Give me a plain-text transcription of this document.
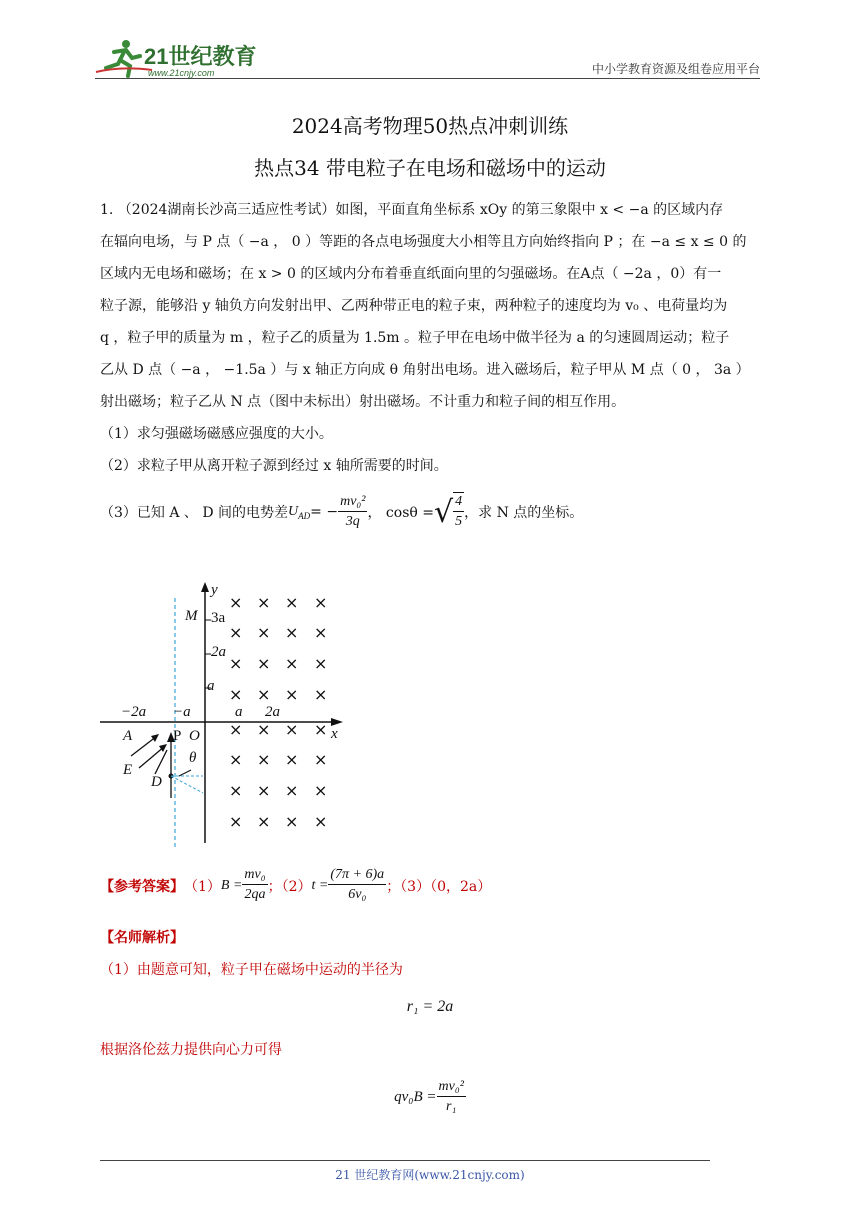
21世纪教育
www.21cnjy.com	中小学教育资源及组卷应用平台
2024高考物理50热点冲刺训练
热点34 带电粒子在电场和磁场中的运动
1. （2024湖南长沙高三适应性考试）如图，平面直角坐标系 xOy 的第三象限中 x < −a 的区域内存
在辐向电场，与 P 点（ −a ， 0 ）等距的各点电场强度大小相等且方向始终指向 P ；在 −a ≤ x ≤ 0 的
区域内无电场和磁场；在 x > 0 的区域内分布着垂直纸面向里的匀强磁场。在A点（ −2a ，0）有一
粒子源，能够沿 y 轴负方向发射出甲、乙两种带正电的粒子束，两种粒子的速度均为 v₀ 、电荷量均为
q ，粒子甲的质量为 m ，粒子乙的质量为 1.5m 。粒子甲在电场中做半径为 a 的匀速圆周运动；粒子
乙从 D 点（ −a ， −1.5a ）与 x 轴正方向成 θ 角射出电场。进入磁场后，粒子甲从 M 点（ 0 ， 3a ）
射出磁场；粒子乙从 N 点（图中未标出）射出磁场。不计重力和粒子间的相互作用。
（1）求匀强磁场磁感应强度的大小。
（2）求粒子甲从离开粒子源到经过 x 轴所需要的时间。
（3）已知 A 、 D 间的电势差 $U_{AD}$ = − $\frac{\text{mv₀²}}{3q}$ ， cosθ = √ $\frac{4}{5}$ ，求 N 点的坐标。
y
x
M 3a
2a
a
−2a −a	a 2a
A	P O
E
D
θ
× × × ×
× × × ×
× × × ×
× × × ×
× × × ×
× × × ×
× × × ×
× × × ×
【参考答案】 （1） $B = \frac{\text{mv₀}}{2qa}$ ；（2） $t = \frac{(7\pi + 6)a}{\text{6v₀}}$ ；（3）（0，2a）
【名师解析】
（1）由题意可知，粒子甲在磁场中运动的半径为
r₁ = 2a
根据洛伦兹力提供向心力可得
$qv_0B = \frac{\text{mv₀²}}{\text{r₁}}$
21 世纪教育网(www.21cnjy.com)
